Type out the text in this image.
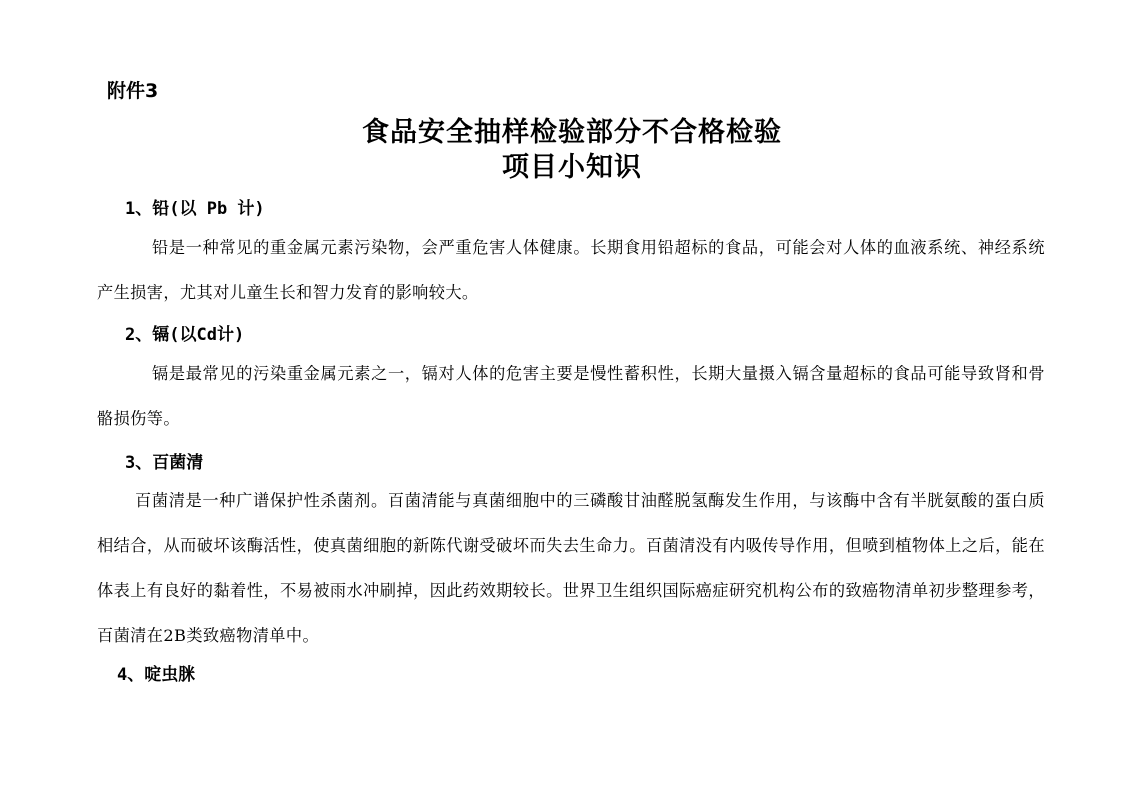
附件3
食品安全抽样检验部分不合格检验
项目小知识
1、铅(以 Pb 计)
铅是一种常见的重金属元素污染物，会严重危害人体健康。长期食用铅超标的食品，可能会对人体的血液系统、神经系统产生损害，尤其对儿童生长和智力发育的影响较大。
2、镉(以Cd计)
镉是最常见的污染重金属元素之一，镉对人体的危害主要是慢性蓄积性，长期大量摄入镉含量超标的食品可能导致肾和骨骼损伤等。
3、百菌清
百菌清是一种广谱保护性杀菌剂。百菌清能与真菌细胞中的三磷酸甘油醛脱氢酶发生作用，与该酶中含有半胱氨酸的蛋白质相结合，从而破坏该酶活性，使真菌细胞的新陈代谢受破坏而失去生命力。百菌清没有内吸传导作用，但喷到植物体上之后，能在体表上有良好的黏着性，不易被雨水冲刷掉，因此药效期较长。世界卫生组织国际癌症研究机构公布的致癌物清单初步整理参考，百菌清在2B类致癌物清单中。
4、啶虫脒
